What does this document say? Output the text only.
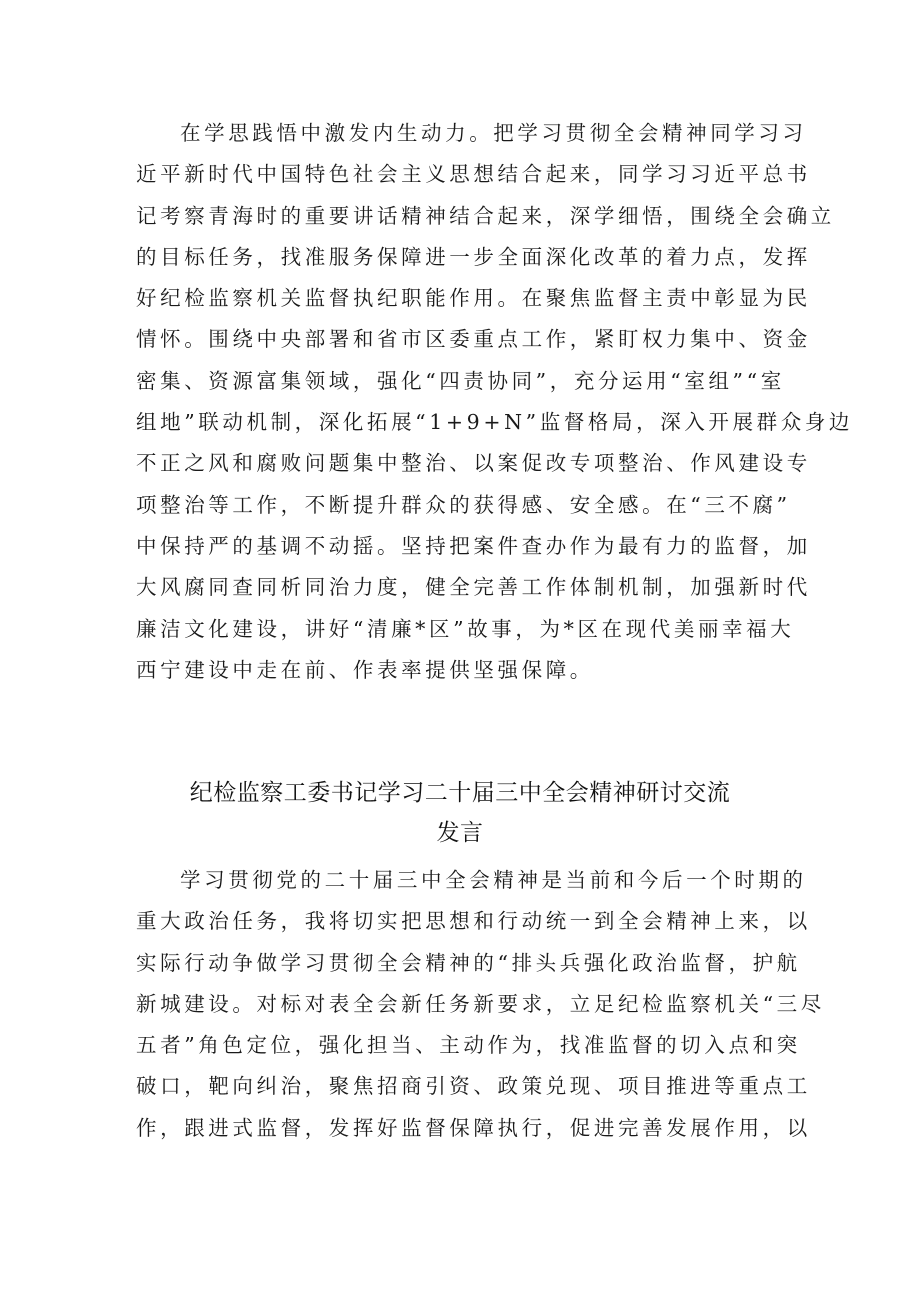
在学思践悟中激发内生动力。把学习贯彻全会精神同学习习
近平新时代中国特色社会主义思想结合起来，同学习习近平总书
记考察青海时的重要讲话精神结合起来，深学细悟，围绕全会确立
的目标任务，找准服务保障进一步全面深化改革的着力点，发挥
好纪检监察机关监督执纪职能作用。在聚焦监督主责中彰显为民
情怀。围绕中央部署和省市区委重点工作，紧盯权力集中、资金
密集、资源富集领域，强化“四责协同”，充分运用“室组”“室
组地”联动机制，深化拓展“1+9+N”监督格局，深入开展群众身边
不正之风和腐败问题集中整治、以案促改专项整治、作风建设专
项整治等工作，不断提升群众的获得感、安全感。在“三不腐”
中保持严的基调不动摇。坚持把案件查办作为最有力的监督，加
大风腐同查同析同治力度，健全完善工作体制机制，加强新时代
廉洁文化建设，讲好“清廉*区”故事，为*区在现代美丽幸福大
西宁建设中走在前、作表率提供坚强保障。
纪检监察工委书记学习二十届三中全会精神研讨交流
发言
学习贯彻党的二十届三中全会精神是当前和今后一个时期的
重大政治任务，我将切实把思想和行动统一到全会精神上来，以
实际行动争做学习贯彻全会精神的“排头兵强化政治监督，护航
新城建设。对标对表全会新任务新要求，立足纪检监察机关“三尽
五者”角色定位，强化担当、主动作为，找准监督的切入点和突
破口，靶向纠治，聚焦招商引资、政策兑现、项目推进等重点工
作，跟进式监督，发挥好监督保障执行，促进完善发展作用，以
